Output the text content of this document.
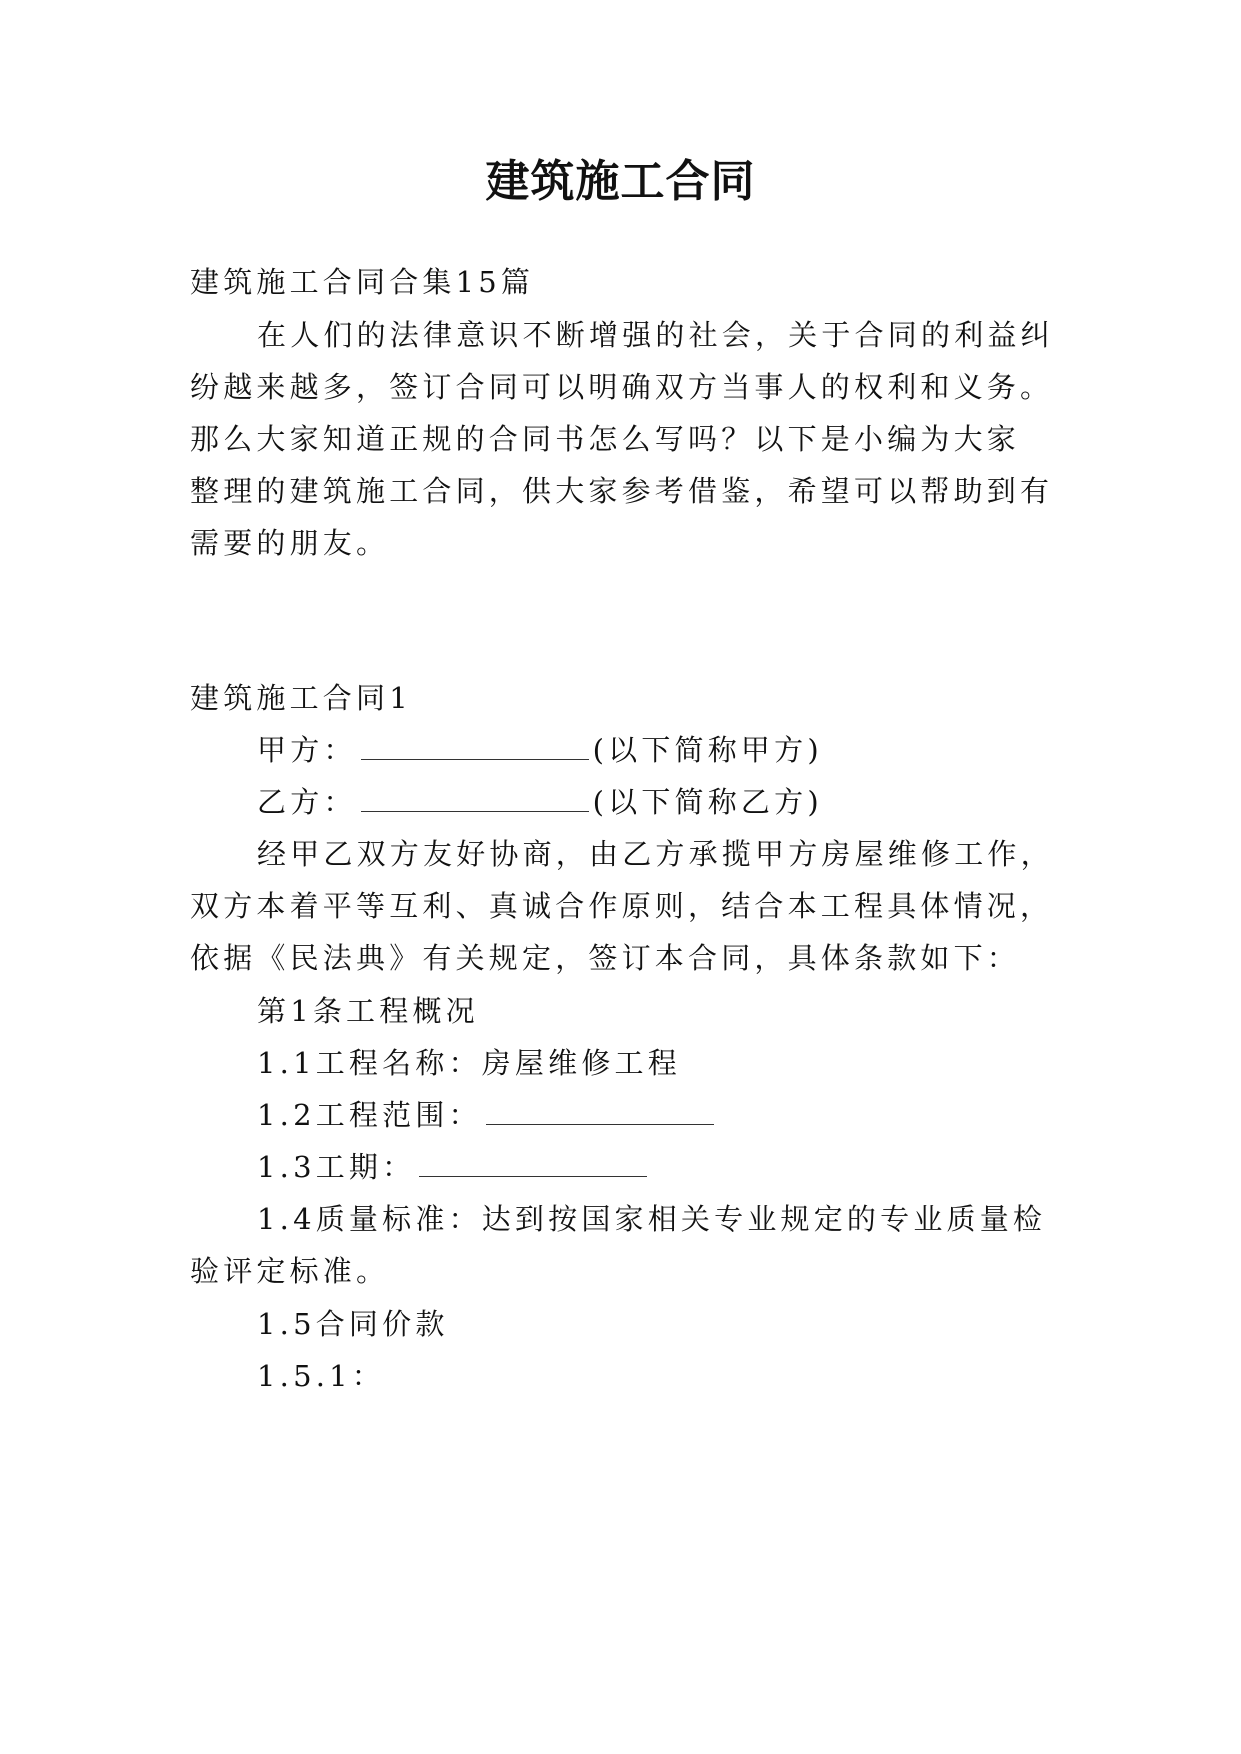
建筑施工合同
建筑施工合同合集15篇
在人们的法律意识不断增强的社会，关于合同的利益纠
纷越来越多，签订合同可以明确双方当事人的权利和义务。
那么大家知道正规的合同书怎么写吗？以下是小编为大家
整理的建筑施工合同，供大家参考借鉴，希望可以帮助到有
需要的朋友。
建筑施工合同1
甲方：	(以下简称甲方)
乙方：	(以下简称乙方)
经甲乙双方友好协商，由乙方承揽甲方房屋维修工作，
双方本着平等互利、真诚合作原则，结合本工程具体情况，
依据《民法典》有关规定，签订本合同，具体条款如下：
第1条工程概况
1.1工程名称：房屋维修工程
1.2工程范围：
1.3工期：
1.4质量标准：达到按国家相关专业规定的专业质量检
验评定标准。
1.5合同价款
1.5.1：
